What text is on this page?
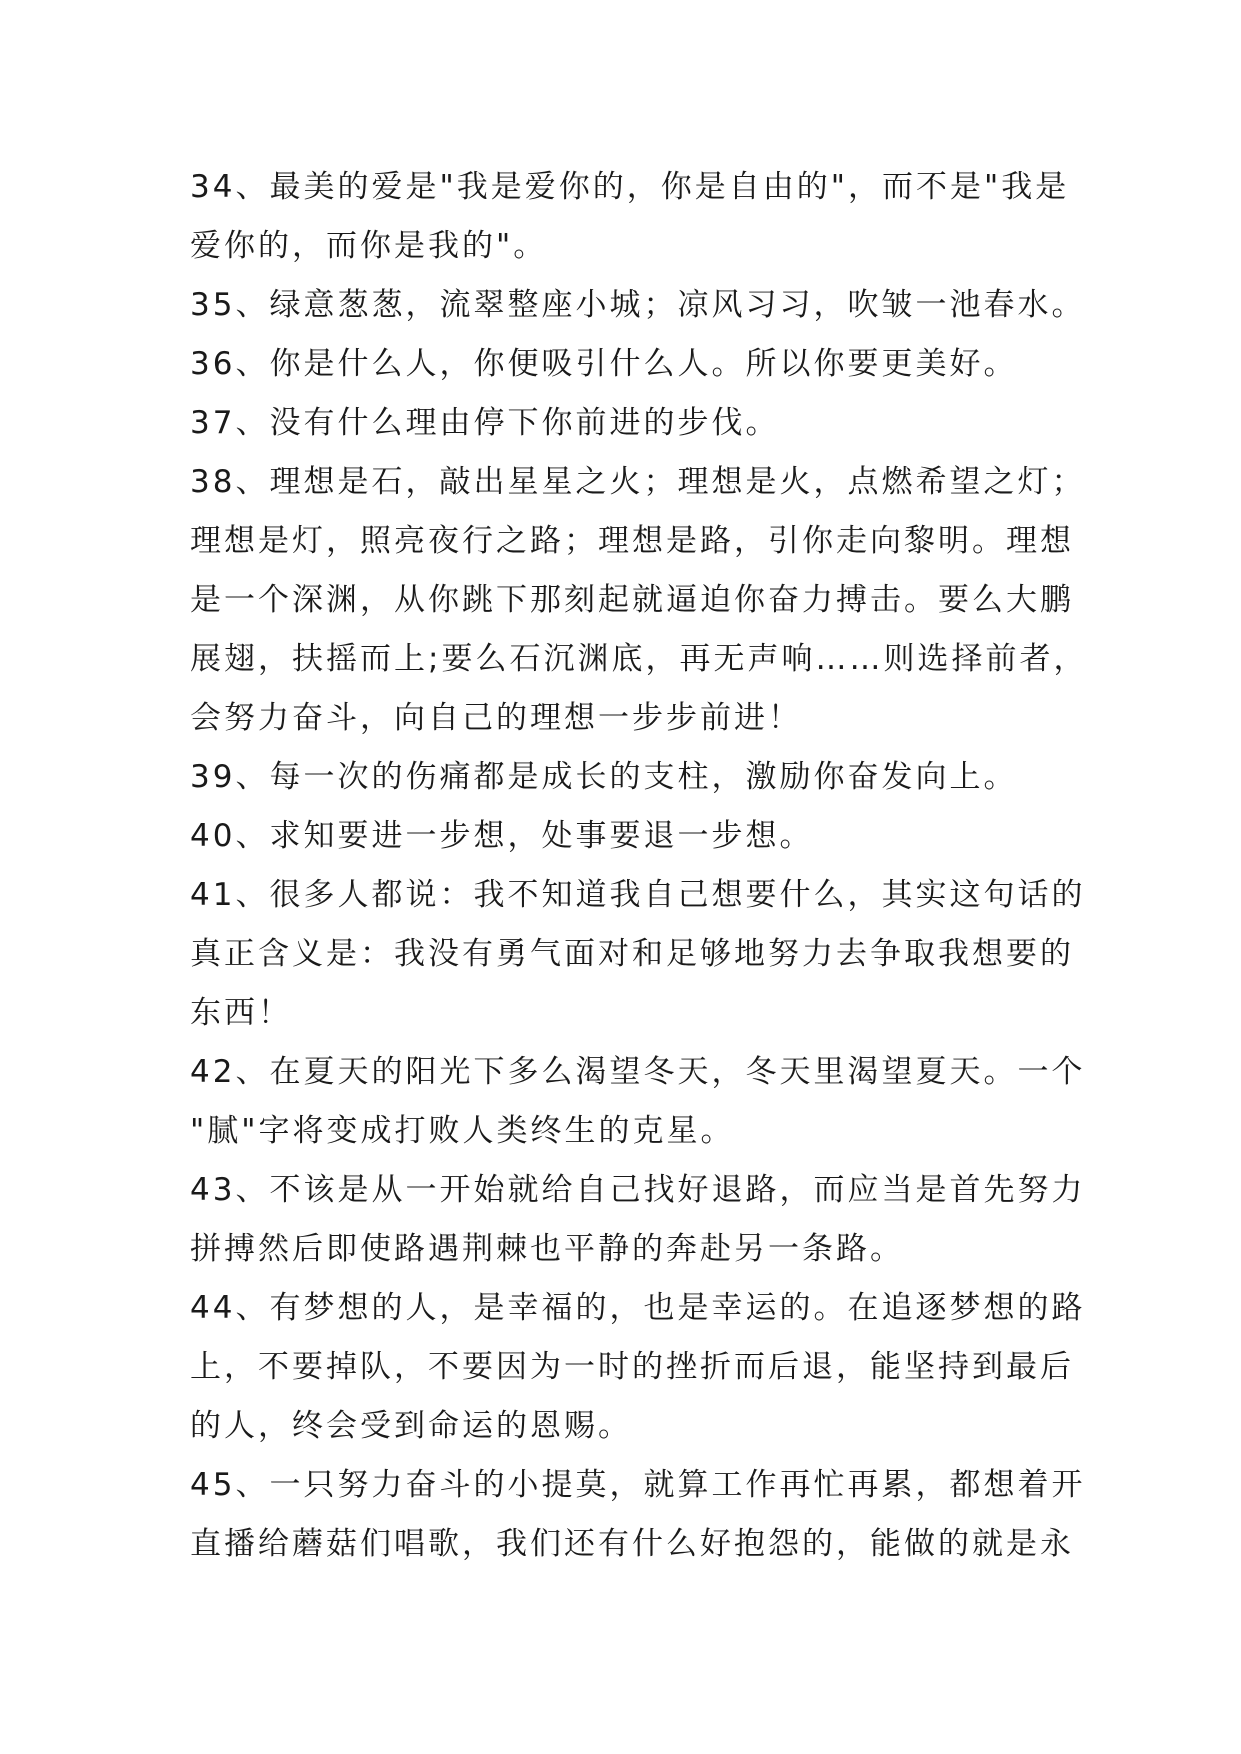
34、最美的爱是"我是爱你的，你是自由的"，而不是"我是
爱你的，而你是我的"。
35、绿意葱葱，流翠整座小城；凉风习习，吹皱一池春水。
36、你是什么人，你便吸引什么人。所以你要更美好。
37、没有什么理由停下你前进的步伐。
38、理想是石，敲出星星之火；理想是火，点燃希望之灯；
理想是灯，照亮夜行之路；理想是路，引你走向黎明。理想
是一个深渊，从你跳下那刻起就逼迫你奋力搏击。要么大鹏
展翅，扶摇而上;要么石沉渊底，再无声响……则选择前者，
会努力奋斗，向自己的理想一步步前进！
39、每一次的伤痛都是成长的支柱，激励你奋发向上。
40、求知要进一步想，处事要退一步想。
41、很多人都说：我不知道我自己想要什么，其实这句话的
真正含义是：我没有勇气面对和足够地努力去争取我想要的
东西！
42、在夏天的阳光下多么渴望冬天，冬天里渴望夏天。一个
"腻"字将变成打败人类终生的克星。
43、不该是从一开始就给自己找好退路，而应当是首先努力
拼搏然后即使路遇荆棘也平静的奔赴另一条路。
44、有梦想的人，是幸福的，也是幸运的。在追逐梦想的路
上，不要掉队，不要因为一时的挫折而后退，能坚持到最后
的人，终会受到命运的恩赐。
45、一只努力奋斗的小提莫，就算工作再忙再累，都想着开
直播给蘑菇们唱歌，我们还有什么好抱怨的，能做的就是永
